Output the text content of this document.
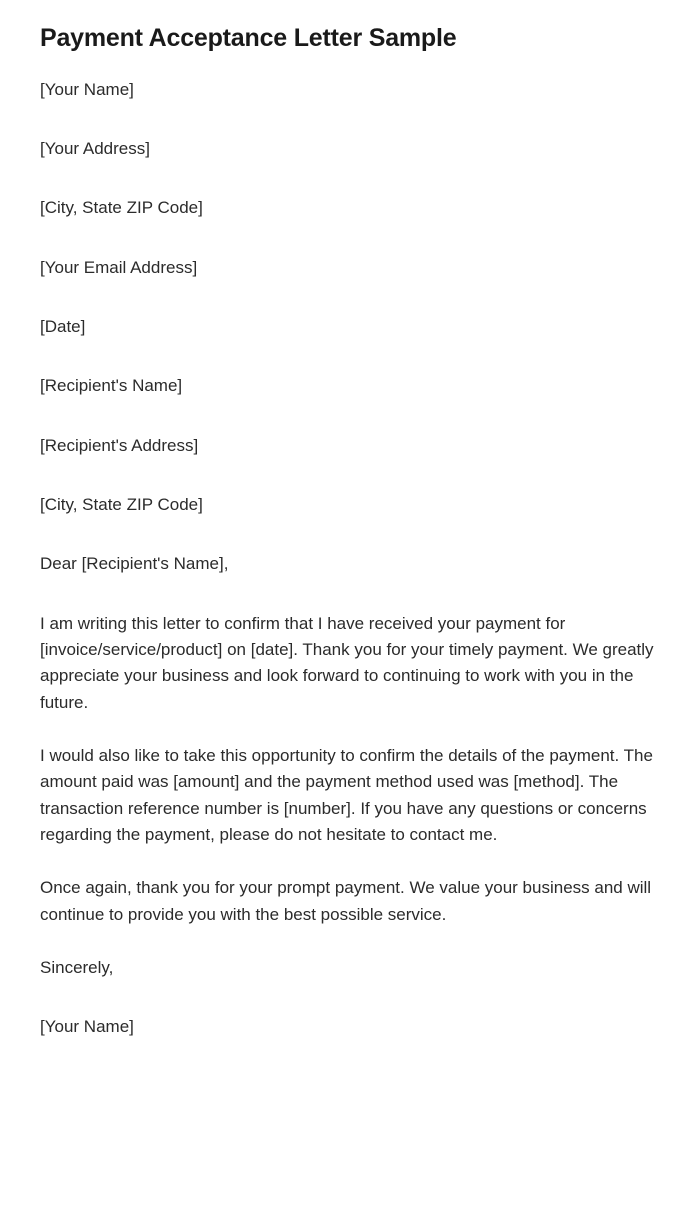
Payment Acceptance Letter Sample

[Your Name]

[Your Address]

[City, State ZIP Code]

[Your Email Address]

[Date]

[Recipient's Name]

[Recipient's Address]

[City, State ZIP Code]

Dear [Recipient's Name],

I am writing this letter to confirm that I have received your payment for [invoice/service/product] on [date]. Thank you for your timely payment. We greatly appreciate your business and look forward to continuing to work with you in the future.

I would also like to take this opportunity to confirm the details of the payment. The amount paid was [amount] and the payment method used was [method]. The transaction reference number is [number]. If you have any questions or concerns regarding the payment, please do not hesitate to contact me.

Once again, thank you for your prompt payment. We value your business and will continue to provide you with the best possible service.

Sincerely,

[Your Name]
